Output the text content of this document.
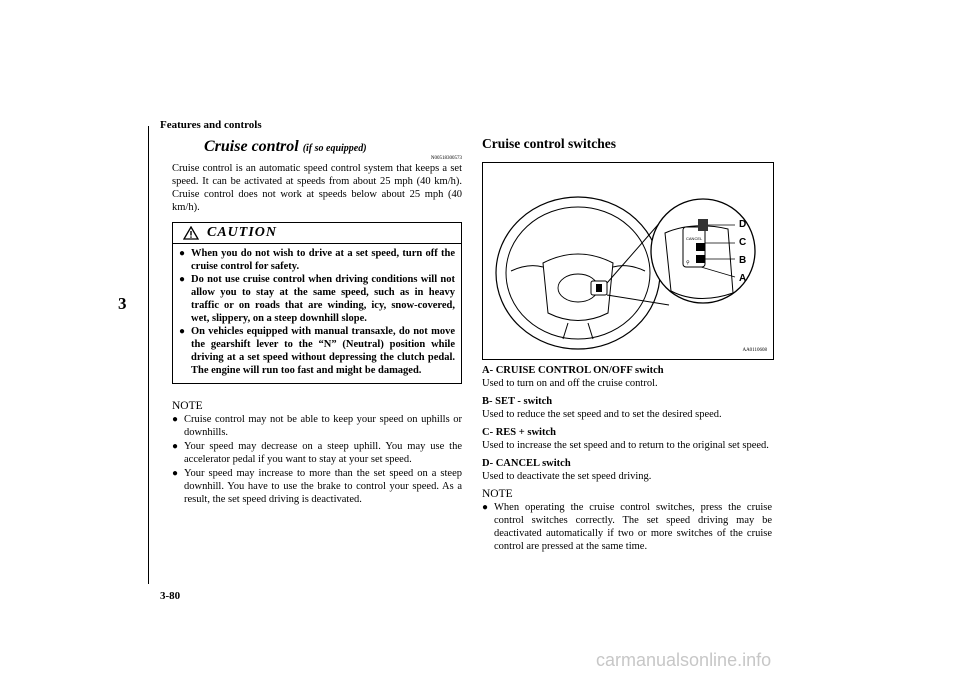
Features and controls
3
3-80
Cruise control (if so equipped)
N00518300573

Cruise control is an automatic speed control system that keeps a set speed. It can be activated at speeds from about 25 mph (40 km/h). Cruise control does not work at speeds below about 25 mph (40 km/h).

CAUTION
● When you do not wish to drive at a set speed, turn off the cruise control for safety.
● Do not use cruise control when driving conditions will not allow you to stay at the same speed, such as in heavy traffic or on roads that are winding, icy, snow-covered, wet, slippery, on a steep downhill slope.
● On vehicles equipped with manual transaxle, do not move the gearshift lever to the “N” (Neutral) position while driving at a set speed without depressing the clutch pedal. The engine will run too fast and might be damaged.
NOTE
● Cruise control may not be able to keep your speed on uphills or downhills.
● Your speed may decrease on a steep uphill. You may use the accelerator pedal if you want to stay at your set speed.
● Your speed may increase to more than the set speed on a steep downhill. You have to use the brake to control your speed. As a result, the set speed driving is deactivated.
Cruise control switches
CANCEL
⚲
D
C
B
A
AA0110608
A- CRUISE CONTROL ON/OFF switch
Used to turn on and off the cruise control.
B- SET - switch
Used to reduce the set speed and to set the desired speed.
C- RES + switch
Used to increase the set speed and to return to the original set speed.
D- CANCEL switch
Used to deactivate the set speed driving.
NOTE
● When operating the cruise control switches, press the cruise control switches correctly. The set speed driving may be deactivated automatically if two or more switches of the cruise control are pressed at the same time.
carmanualsonline.info
